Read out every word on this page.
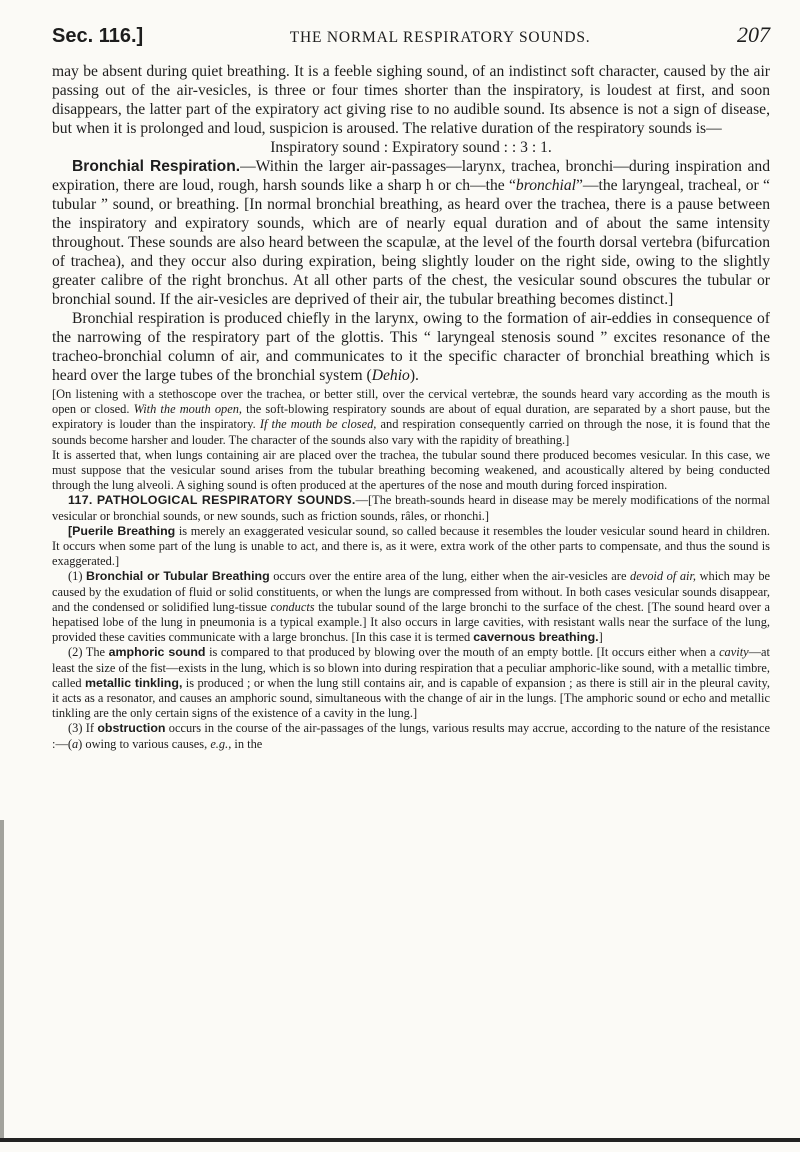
Sec. 116.]	THE NORMAL RESPIRATORY SOUNDS.	207

may be absent during quiet breathing. It is a feeble sighing sound, of an indistinct soft character, caused by the air passing out of the air-vesicles, is three or four times shorter than the inspiratory, is loudest at first, and soon disappears, the latter part of the expiratory act giving rise to no audible sound. Its absence is not a sign of disease, but when it is prolonged and loud, suspicion is aroused. The relative duration of the respiratory sounds is—

Inspiratory sound : Expiratory sound : : 3 : 1.

Bronchial Respiration.—Within the larger air-passages—larynx, trachea, bronchi—during inspiration and expiration, there are loud, rough, harsh sounds like a sharp h or ch—the “bronchial”—the laryngeal, tracheal, or “ tubular ” sound, or breathing. [In normal bronchial breathing, as heard over the trachea, there is a pause between the inspiratory and expiratory sounds, which are of nearly equal duration and of about the same intensity throughout. These sounds are also heard between the scapulæ, at the level of the fourth dorsal vertebra (bifurcation of trachea), and they occur also during expiration, being slightly louder on the right side, owing to the slightly greater calibre of the right bronchus. At all other parts of the chest, the vesicular sound obscures the tubular or bronchial sound. If the air-vesicles are deprived of their air, the tubular breathing becomes distinct.]

Bronchial respiration is produced chiefly in the larynx, owing to the formation of air-eddies in consequence of the narrowing of the respiratory part of the glottis. This “ laryngeal stenosis sound ” excites resonance of the tracheo-bronchial column of air, and communicates to it the specific character of bronchial breathing which is heard over the large tubes of the bronchial system (Dehio).

[On listening with a stethoscope over the trachea, or better still, over the cervical vertebræ, the sounds heard vary according as the mouth is open or closed. With the mouth open, the soft-blowing respiratory sounds are about of equal duration, are separated by a short pause, but the expiratory is louder than the inspiratory. If the mouth be closed, and respiration consequently carried on through the nose, it is found that the sounds become harsher and louder. The character of the sounds also vary with the rapidity of breathing.]

It is asserted that, when lungs containing air are placed over the trachea, the tubular sound there produced becomes vesicular. In this case, we must suppose that the vesicular sound arises from the tubular breathing becoming weakened, and acoustically altered by being conducted through the lung alveoli. A sighing sound is often produced at the apertures of the nose and mouth during forced inspiration.

117. PATHOLOGICAL RESPIRATORY SOUNDS.—[The breath-sounds heard in disease may be merely modifications of the normal vesicular or bronchial sounds, or new sounds, such as friction sounds, râles, or rhonchi.]

[Puerile Breathing is merely an exaggerated vesicular sound, so called because it resembles the louder vesicular sound heard in children. It occurs when some part of the lung is unable to act, and there is, as it were, extra work of the other parts to compensate, and thus the sound is exaggerated.]

(1) Bronchial or Tubular Breathing occurs over the entire area of the lung, either when the air-vesicles are devoid of air, which may be caused by the exudation of fluid or solid constituents, or when the lungs are compressed from without. In both cases vesicular sounds disappear, and the condensed or solidified lung-tissue conducts the tubular sound of the large bronchi to the surface of the chest. [The sound heard over a hepatised lobe of the lung in pneumonia is a typical example.] It also occurs in large cavities, with resistant walls near the surface of the lung, provided these cavities communicate with a large bronchus. [In this case it is termed cavernous breathing.]

(2) The amphoric sound is compared to that produced by blowing over the mouth of an empty bottle. [It occurs either when a cavity—at least the size of the fist—exists in the lung, which is so blown into during respiration that a peculiar amphoric-like sound, with a metallic timbre, called metallic tinkling, is produced ; or when the lung still contains air, and is capable of expansion ; as there is still air in the pleural cavity, it acts as a resonator, and causes an amphoric sound, simultaneous with the change of air in the lungs. [The amphoric sound or echo and metallic tinkling are the only certain signs of the existence of a cavity in the lung.]

(3) If obstruction occurs in the course of the air-passages of the lungs, various results may accrue, according to the nature of the resistance :—(a) owing to various causes, e.g., in the
